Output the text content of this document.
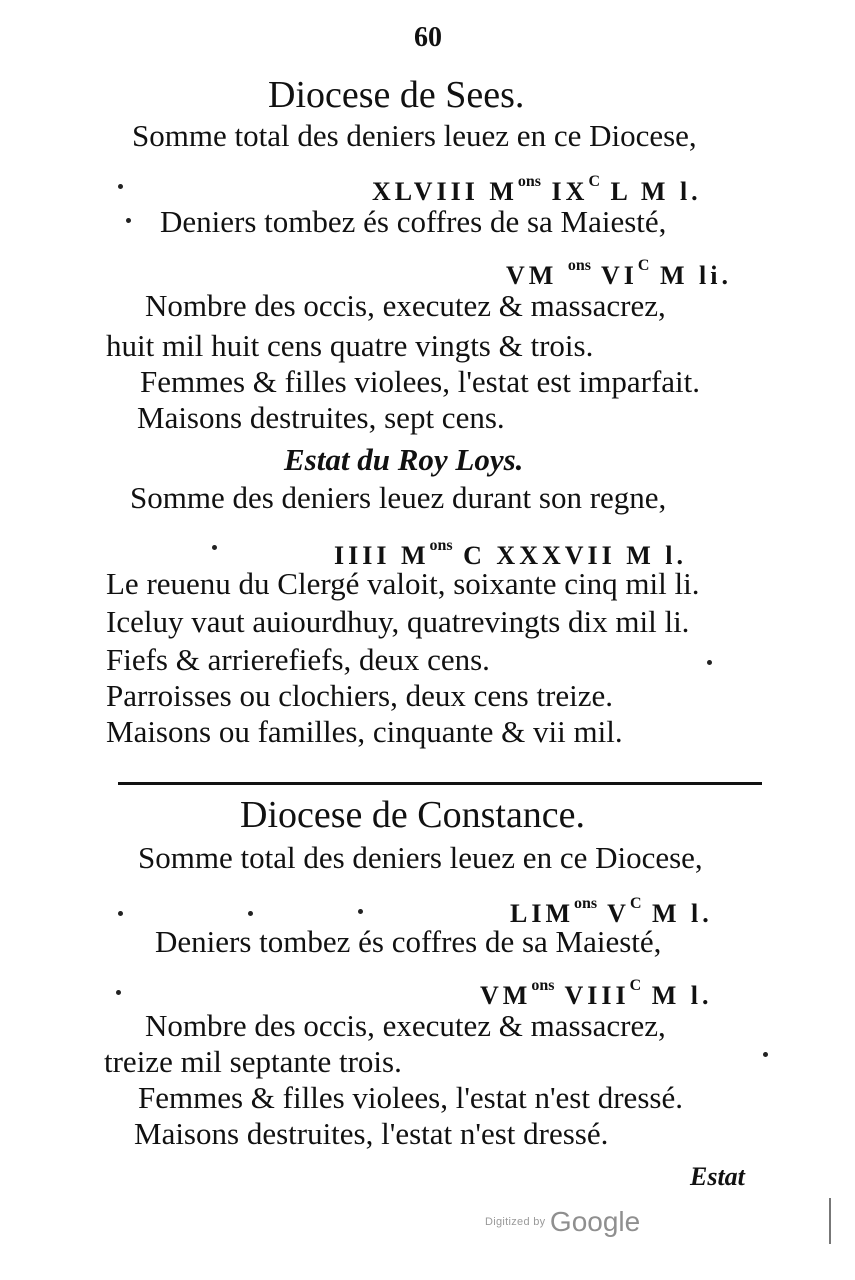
60
Diocese de Sees.
Somme total des deniers leuez en ce Diocese,
XLVIII $M^{ons}$ $IX^C$ L M l.
Deniers tombez és coffres de sa Maiesté,
VM $^{ons}$ $VI^C$ M li.
Nombre des occis, executez & massacrez,
huit mil huit cens quatre vingts & trois.
Femmes & filles violees, l'estat est imparfait.
Maisons destruites, sept cens.
Estat du Roy Loys.
Somme des deniers leuez durant son regne,
IIII $M^{ons}$ C XXXVII M l.
Le reuenu du Clergé valoit, soixante cinq mil li.
Iceluy vaut auiourdhuy, quatrevingts dix mil li.
Fiefs & arrierefiefs, deux cens.
Parroisses ou clochiers, deux cens treize.
Maisons ou familles, cinquante & vii mil.
Diocese de Constance.
Somme total des deniers leuez en ce Diocese,
$LIM^{ons}$ $V^C$ M l.
Deniers tombez és coffres de sa Maiesté,
$VM^{ons}$ $VIII^C$ M l.
Nombre des occis, executez & massacrez,
treize mil septante trois.
Femmes & filles violees, l'estat n'est dressé.
Maisons destruites, l'estat n'est dressé.
Estat
$^{Digitized by}$ Google
